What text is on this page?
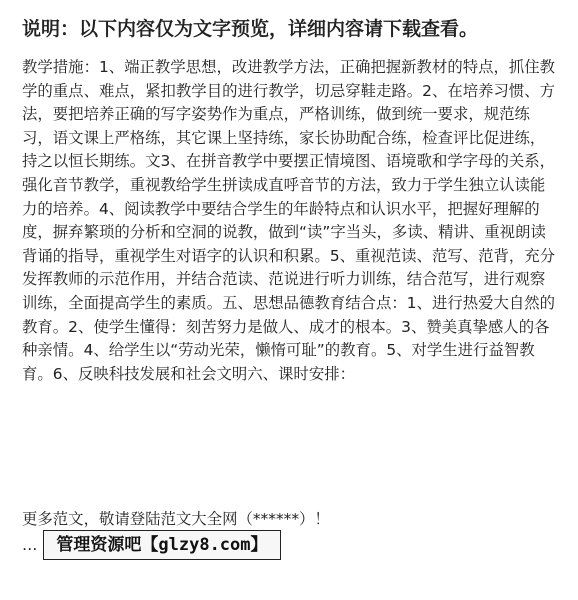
说明：以下内容仅为文字预览，详细内容请下载查看。

教学措施：1、端正教学思想，改进教学方法，正确把握新教材的特点，抓住教学的重点、难点，紧扣教学目的进行教学，切忌穿鞋走路。2、在培养习惯、方法，要把培养正确的写字姿势作为重点，严格训练，做到统一要求，规范练习，语文课上严格练，其它课上坚持练，家长协助配合练，检查评比促进练，持之以恒长期练。文3、在拼音教学中要摆正情境图、语境歌和学字母的关系，强化音节教学，重视教给学生拼读成直呼音节的方法，致力于学生独立认读能力的培养。4、阅读教学中要结合学生的年龄特点和认识水平，把握好理解的度，摒弃繁琐的分析和空洞的说教，做到“读”字当头，多读、精讲、重视朗读背诵的指导，重视学生对语字的认识和积累。5、重视范读、范写、范背，充分发挥教师的示范作用，并结合范读、范说进行听力训练，结合范写，进行观察训练，全面提高学生的素质。五、思想品德教育结合点：1、进行热爱大自然的教育。2、使学生懂得：刻苦努力是做人、成才的根本。3、赞美真挚感人的各种亲情。4、给学生以“劳动光荣，懒惰可耻”的教育。5、对学生进行益智教育。6、反映科技发展和社会文明六、课时安排：

更多范文，敬请登陆范文大全网（******）！
…	管理资源吧【glzy8.com】
